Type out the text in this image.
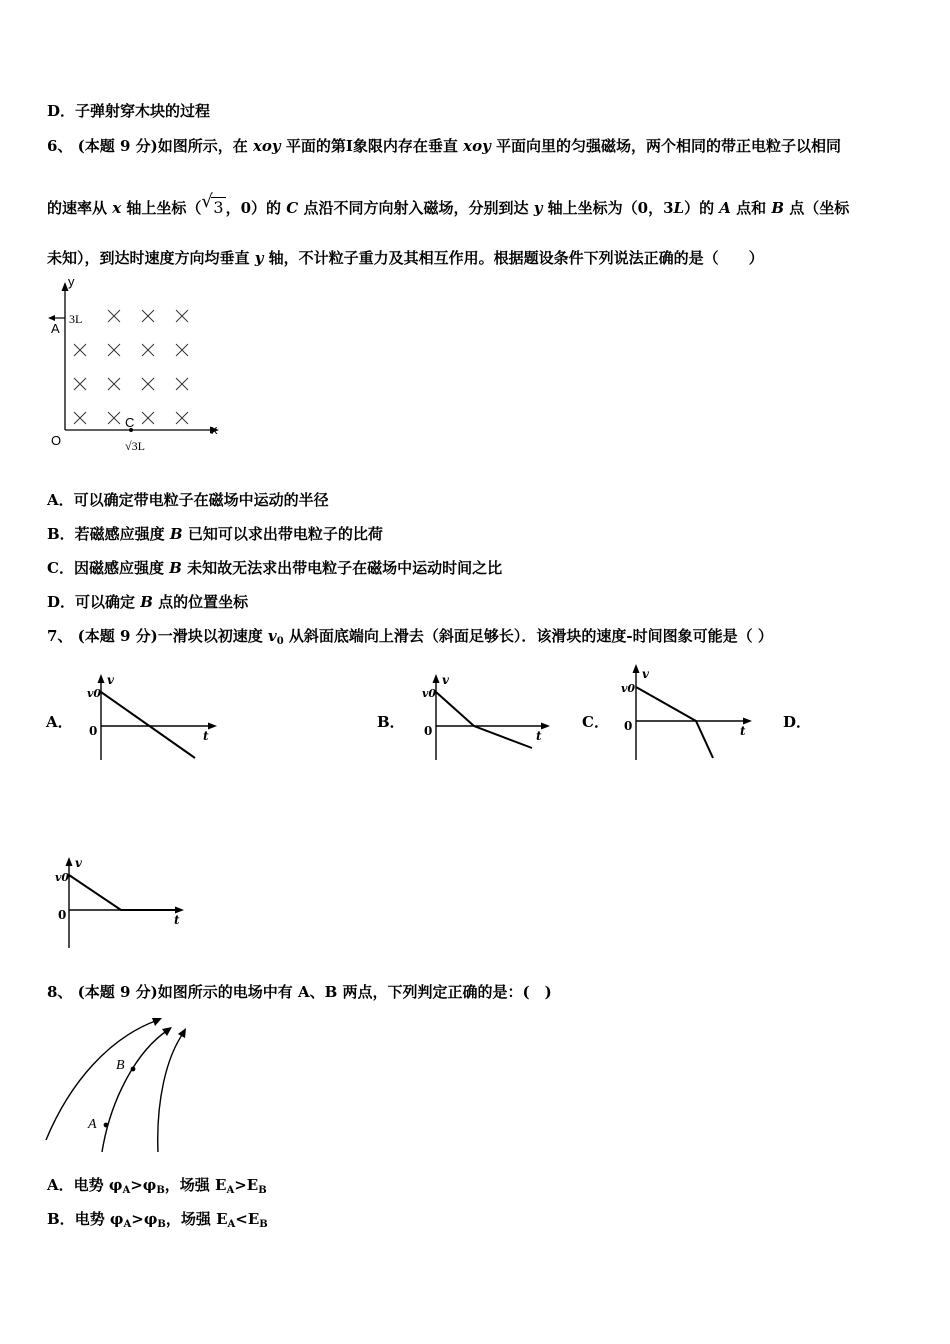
D．子弹射穿木块的过程
6、 (本题 9 分)如图所示，在 xoy 平面的第Ⅰ象限内存在垂直 xoy 平面向里的匀强磁场，两个相同的带正电粒子以相同
的速率从 x 轴上坐标（ √ 3 ，0）的 C 点沿不同方向射入磁场，分别到达 y 轴上坐标为（0，3L）的 A 点和 B 点（坐标
未知），到达时速度方向均垂直 y 轴，不计粒子重力及其相互作用。根据题设条件下列说法正确的是（　　）
y
x
O
A
3L
C
√3L
A．可以确定带电粒子在磁场中运动的半径
B．若磁感应强度 B 已知可以求出带电粒子的比荷
C．因磁感应强度 B 未知故无法求出带电粒子在磁场中运动时间之比
D．可以确定 B 点的位置坐标
7、 (本题 9 分)一滑块以初速度 $v_0$ 从斜面底端向上滑去（斜面足够长）．该滑块的速度-时间图象可能是（ ）
A．	B．	C．	D．
v
t
v0
0
v
t
v0
0
v
t
v0
0
v
t
v0
0
8、 (本题 9 分)如图所示的电场中有 A、B 两点，下列判定正确的是：(　)
A
B
A．电势 $\varphi_A>\varphi_B$，场强 $E_A>E_B$
B．电势 $\varphi_A>\varphi_B$，场强 $E_A<E_B$
